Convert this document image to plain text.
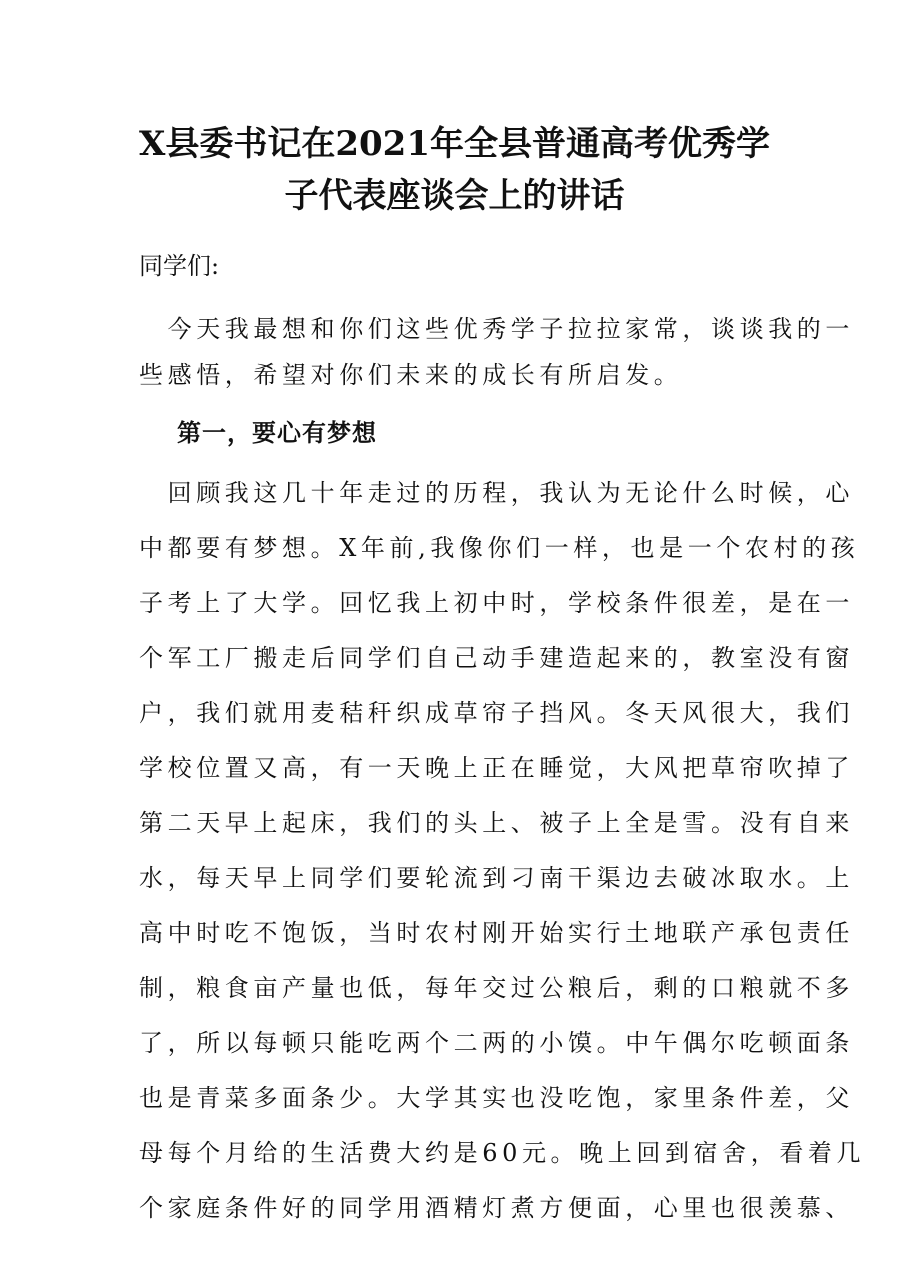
X县委书记在2021年全县普通高考优秀学
子代表座谈会上的讲话

同学们:

　今天我最想和你们这些优秀学子拉拉家常，谈谈我的一
些感悟，希望对你们未来的成长有所启发。

第一，要心有梦想

　回顾我这几十年走过的历程，我认为无论什么时候，心
中都要有梦想。X年前,我像你们一样，也是一个农村的孩
子考上了大学。回忆我上初中时，学校条件很差，是在一
个军工厂搬走后同学们自己动手建造起来的，教室没有窗
户，我们就用麦秸秆织成草帘子挡风。冬天风很大，我们
学校位置又高，有一天晚上正在睡觉，大风把草帘吹掉了
第二天早上起床，我们的头上、被子上全是雪。没有自来
水，每天早上同学们要轮流到刁南干渠边去破冰取水。上
高中时吃不饱饭，当时农村刚开始实行土地联产承包责任
制，粮食亩产量也低，每年交过公粮后，剩的口粮就不多
了，所以每顿只能吃两个二两的小馍。中午偶尔吃顿面条
也是青菜多面条少。大学其实也没吃饱，家里条件差，父
母每个月给的生活费大约是60元。晚上回到宿舍，看着几
个家庭条件好的同学用酒精灯煮方便面，心里也很羡慕、
